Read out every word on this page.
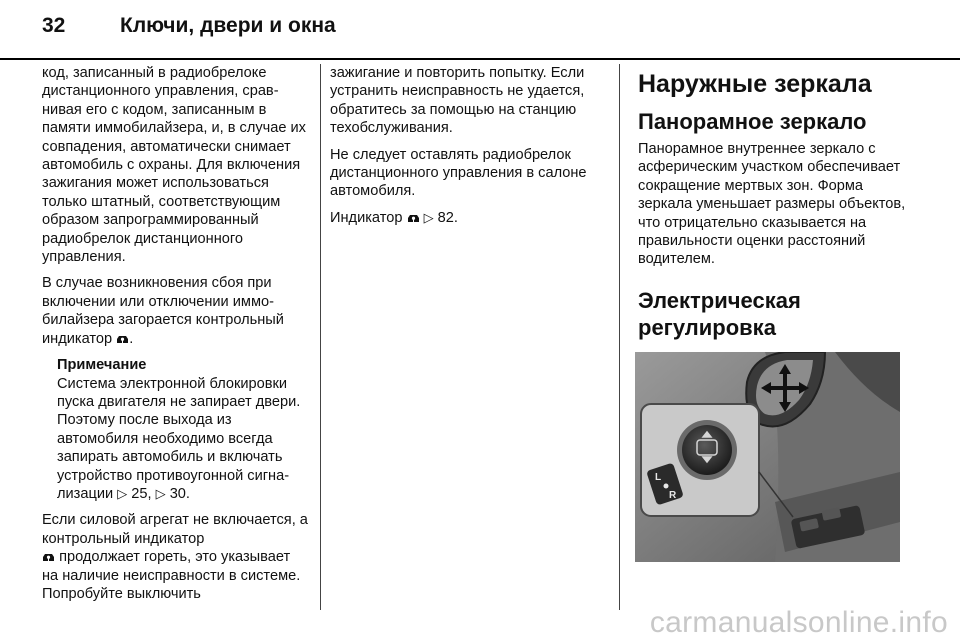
32	Ключи, двери и окна

код, записанный в радиобрелоке дистанционного управления, сравнивая его с кодом, записанным в памяти иммобилайзера, и, в случае их совпадения, автоматически снимает автомобиль с охраны. Для включения зажигания может использоваться только штатный, соответствующим образом запрограммированный радиобрелок дистанционного управления.

В случае возникновения сбоя при включении или отключении иммобилайзера загорается контрольный индикатор .

Примечание
Система электронной блокировки пуска двигателя не запирает двери. Поэтому после выхода из автомобиля необходимо всегда запирать автомобиль и включать устройство противоугонной сигнализации ▷ 25, ▷ 30.

Если силовой агрегат не включается, а контрольный индикатор
продолжает гореть, это указывает на наличие неисправности в системе. Попробуйте выключить

зажигание и повторить попытку. Если устранить неисправность не удается, обратитесь за помощью на станцию техобслуживания.

Не следует оставлять радиобрелок дистанционного управления в салоне автомобиля.

Индикатор ▷ 82.

Наружные зеркала
Панорамное зеркало

Панорамное внутреннее зеркало с асферическим участком обеспечивает сокращение мертвых зон. Форма зеркала уменьшает размеры объектов, что отрицательно сказывается на правильности оценки расстояний водителем.

Электрическая
регулировка
L
R
carmanualsonline.info
